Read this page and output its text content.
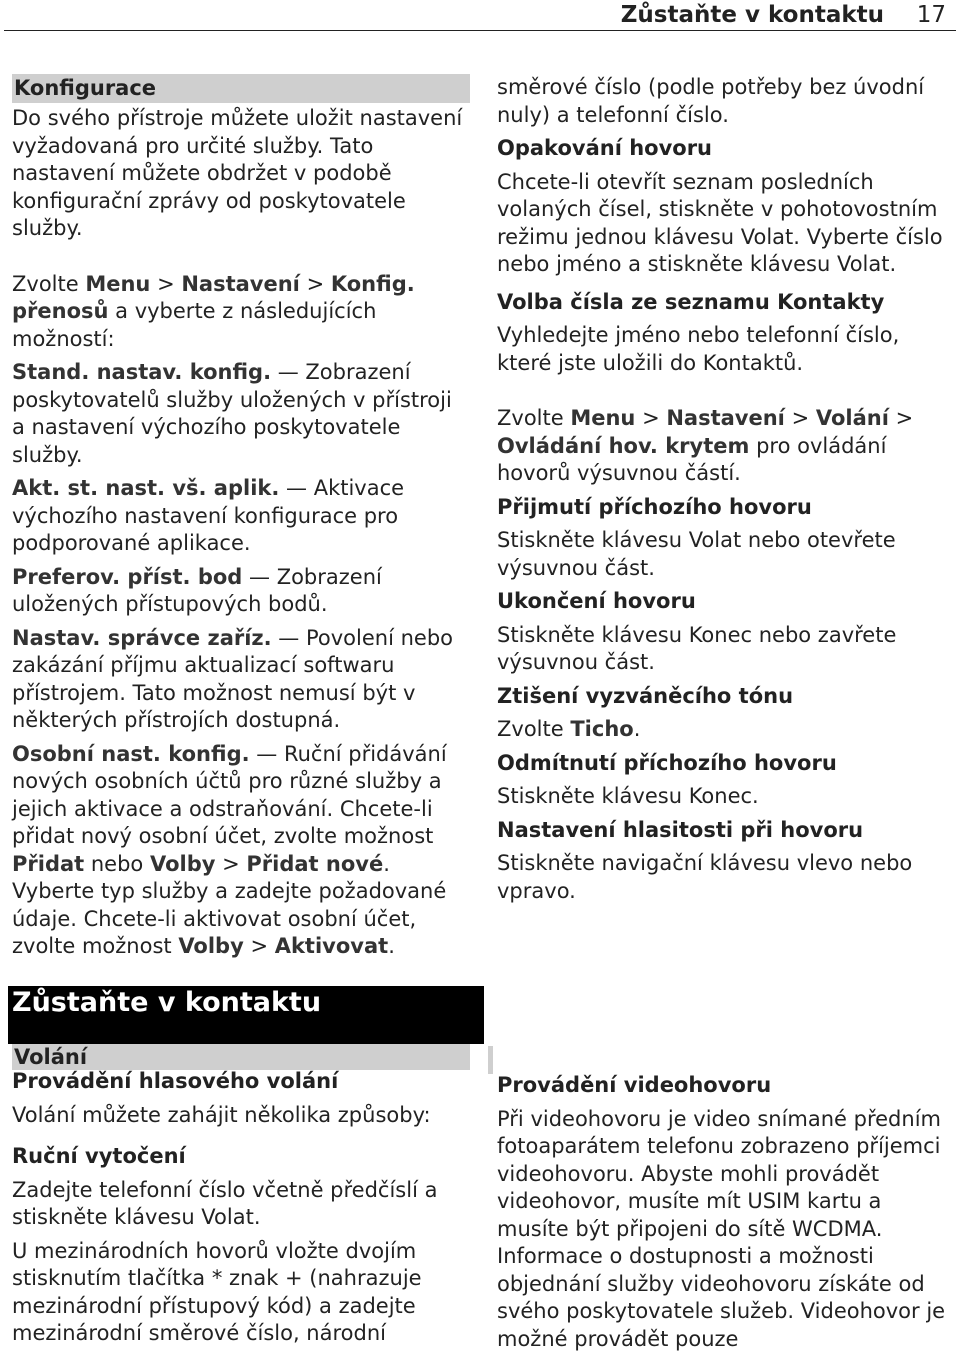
Zůstaňte v kontaktu 17
Konfigurace

Do svého přístroje můžete uložit nastavení vyžadovaná pro určité služby. Tato nastavení můžete obdržet v podobě konfigurační zprávy od poskytovatele služby.

Zvolte Menu > Nastavení > Konfig. přenosů a vyberte z následujících možností:

Stand. nastav. konfig. — Zobrazení poskytovatelů služby uložených v přístroji a nastavení výchozího poskytovatele služby.

Akt. st. nast. vš. aplik. — Aktivace výchozího nastavení konfigurace pro podporované aplikace.

Preferov. příst. bod — Zobrazení uložených přístupových bodů.

Nastav. správce zaříz. — Povolení nebo zakázání příjmu aktualizací softwaru přístrojem. Tato možnost nemusí být v některých přístrojích dostupná.

Osobní nast. konfig. — Ruční přidávání nových osobních účtů pro různé služby a jejich aktivace a odstraňování. Chcete-li přidat nový osobní účet, zvolte možnost Přidat nebo Volby > Přidat nové. Vyberte typ služby a zadejte požadované údaje. Chcete-li aktivovat osobní účet, zvolte možnost Volby > Aktivovat.

Zůstaňte v kontaktu
Volání
Provádění hlasového volání

Volání můžete zahájit několika způsoby:

Ruční vytočení

Zadejte telefonní číslo včetně předčíslí a stiskněte klávesu Volat.

U mezinárodních hovorů vložte dvojím stisknutím tlačítka * znak + (nahrazuje mezinárodní přístupový kód) a zadejte mezinárodní směrové číslo, národní

směrové číslo (podle potřeby bez úvodní nuly) a telefonní číslo.

Opakování hovoru

Chcete-li otevřít seznam posledních volaných čísel, stiskněte v pohotovostním režimu jednou klávesu Volat. Vyberte číslo nebo jméno a stiskněte klávesu Volat.

Volba čísla ze seznamu Kontakty

Vyhledejte jméno nebo telefonní číslo, které jste uložili do Kontaktů.

Zvolte Menu > Nastavení > Volání > Ovládání hov. krytem pro ovládání hovorů výsuvnou částí.

Přijmutí příchozího hovoru

Stiskněte klávesu Volat nebo otevřete výsuvnou část.

Ukončení hovoru

Stiskněte klávesu Konec nebo zavřete výsuvnou část.

Ztišení vyzváněcího tónu

Zvolte Ticho.

Odmítnutí příchozího hovoru

Stiskněte klávesu Konec.

Nastavení hlasitosti při hovoru

Stiskněte navigační klávesu vlevo nebo vpravo.

Provádění videohovoru

Při videohovoru je video snímané předním fotoaparátem telefonu zobrazeno příjemci videohovoru. Abyste mohli provádět videohovor, musíte mít USIM kartu a musíte být připojeni do sítě WCDMA. Informace o dostupnosti a možnosti objednání služby videohovoru získáte od svého poskytovatele služeb. Videohovor je možné provádět pouze
